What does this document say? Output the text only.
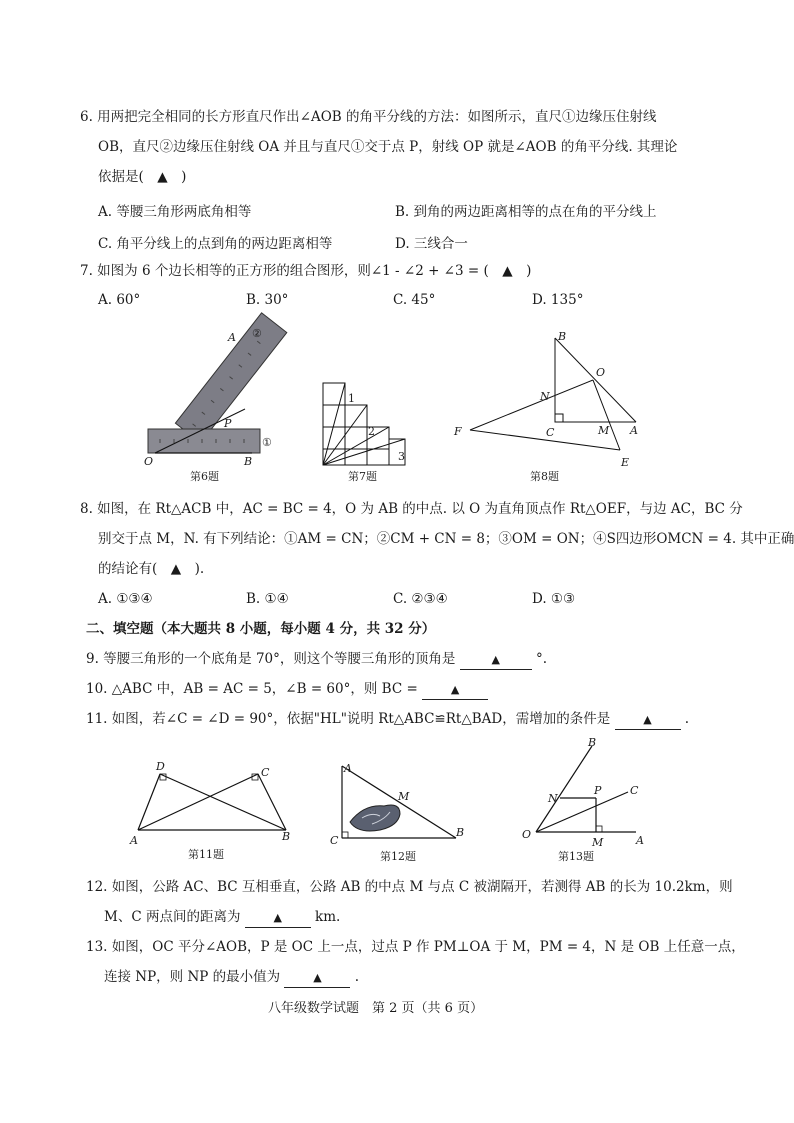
6. 用两把完全相同的长方形直尺作出∠AOB 的角平分线的方法：如图所示，直尺①边缘压住射线
OB，直尺②边缘压住射线 OA 并且与直尺①交于点 P，射线 OP 就是∠AOB 的角平分线. 其理论
依据是(　▲　)
A. 等腰三角形两底角相等	B. 到角的两边距离相等的点在角的平分线上
C. 角平分线上的点到角的两边距离相等	D. 三线合一
7. 如图为 6 个边长相等的正方形的组合图形，则∠1 - ∠2 + ∠3 = (　▲　)
A. 60°	B. 30°	C. 45°	D. 135°
O	B
P
A ②
①
第6题
1
2
3
第7题
B
O
N
F	C	M A
E
第8题
8. 如图，在 Rt△ACB 中，AC = BC = 4，O 为 AB 的中点. 以 O 为直角顶点作 Rt△OEF，与边 AC，BC 分
别交于点 M，N. 有下列结论：①AM = CN；②CM + CN = 8；③OM = ON；④S四边形OMCN = 4. 其中正确
的结论有(　▲　).
A. ①③④	B. ①④	C. ②③④	D. ①③
二、填空题（本大题共 8 小题，每小题 4 分，共 32 分）
9. 等腰三角形的一个底角是 70°，则这个等腰三角形的顶角是	▲	°.
10. △ABC 中，AB = AC = 5，∠B = 60°，则 BC =	▲
11. 如图，若∠C = ∠D = 90°，依据"HL"说明 Rt△ABC≌Rt△BAD，需增加的条件是	▲ .
D	C
A	B
第11题
A
M
C
B
第12题
B
C
N
P
O
M	A
第13题
12. 如图，公路 AC、BC 互相垂直，公路 AB 的中点 M 与点 C 被湖隔开，若测得 AB 的长为 10.2km，则
M、C 两点间的距离为	▲ km.
13. 如图，OC 平分∠AOB，P 是 OC 上一点，过点 P 作 PM⊥OA 于 M，PM = 4，N 是 OB 上任意一点，
连接 NP，则 NP 的最小值为	▲ .
八年级数学试题　第 2 页（共 6 页）
